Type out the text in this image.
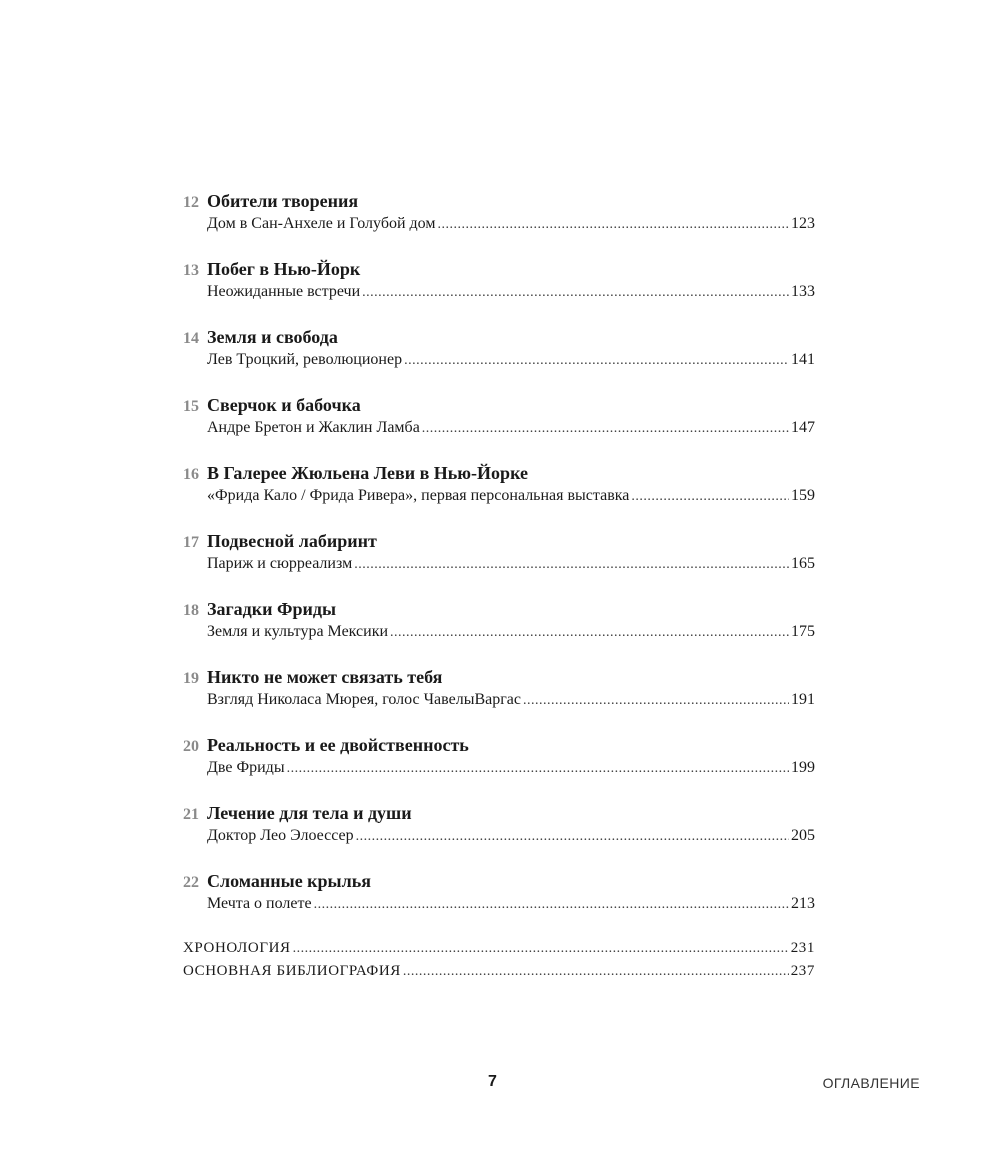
12 Обители творения
Дом в Сан-Анхеле и Голубой дом .....	123
13 Побег в Нью-Йорк
Неожиданные встречи .....	133
14 Земля и свобода
Лев Троцкий, революционер .....	141
15 Сверчок и бабочка
Андре Бретон и Жаклин Ламба .....	147
16 В Галерее Жюльена Леви в Нью-Йорке
«Фрида Кало / Фрида Ривера», первая персональная выставка .....	159
17 Подвесной лабиринт
Париж и сюрреализм .....	165
18 Загадки Фриды
Земля и культура Мексики .....	175
19 Никто не может связать тебя
Взгляд Николаса Мюрея, голос ЧавелыВаргас .....	191
20 Реальность и ее двойственность
Две Фриды .....	199
21 Лечение для тела и души
Доктор Лео Элоессер .....	205
22 Сломанные крылья
Мечта о полете .....	213
ХРОНОЛОГИЯ .....	231
ОСНОВНАЯ БИБЛИОГРАФИЯ .....	237
7	ОГЛАВЛЕНИЕ
